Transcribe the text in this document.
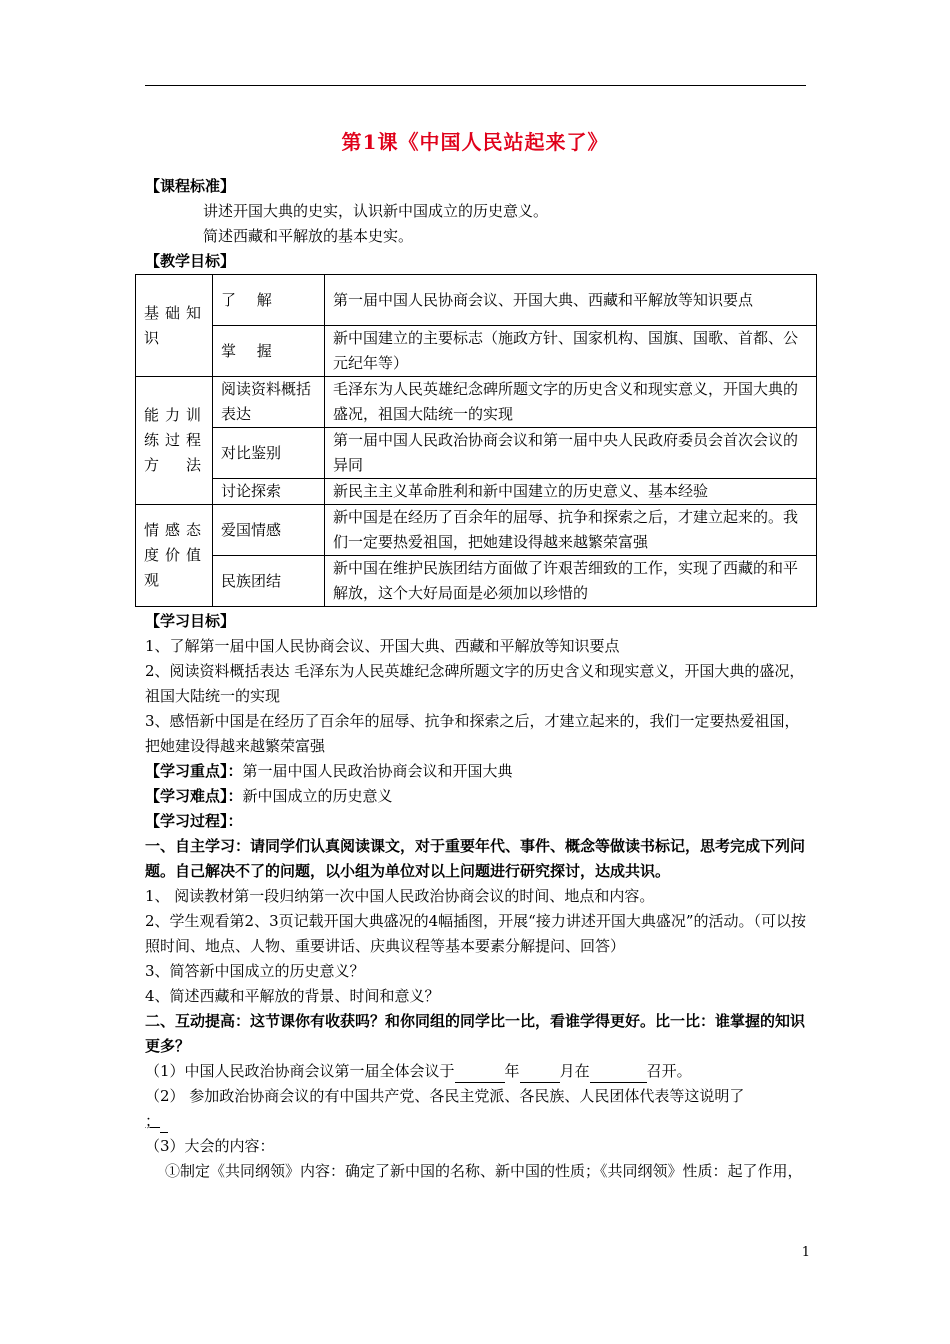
第1课《中国人民站起来了》
【课程标准】
讲述开国大典的史实，认识新中国成立的历史意义。
简述西藏和平解放的基本史实。
【教学目标】
基础知识	了 解	第一届中国人民协商会议、开国大典、西藏和平解放等知识要点
	掌 握	新中国建立的主要标志（施政方针、国家机构、国旗、国歌、首都、公元纪年等）
能力训练过程方法	阅读资料概括表达	毛泽东为人民英雄纪念碑所题文字的历史含义和现实意义，开国大典的盛况，祖国大陆统一的实现
	对比鉴别	第一届中国人民政治协商会议和第一届中央人民政府委员会首次会议的异同
	讨论探索	新民主主义革命胜利和新中国建立的历史意义、基本经验
情感态度价值观	爱国情感	新中国是在经历了百余年的屈辱、抗争和探索之后，才建立起来的。我们一定要热爱祖国，把她建设得越来越繁荣富强
	民族团结	新中国在维护民族团结方面做了许艰苦细致的工作，实现了西藏的和平解放，这个大好局面是必须加以珍惜的
【学习目标】
1、了解第一届中国人民协商会议、开国大典、西藏和平解放等知识要点
2、阅读资料概括表达 毛泽东为人民英雄纪念碑所题文字的历史含义和现实意义，开国大典的盛况，祖国大陆统一的实现
3、感悟新中国是在经历了百余年的屈辱、抗争和探索之后，才建立起来的，我们一定要热爱祖国，把她建设得越来越繁荣富强
【学习重点】：第一届中国人民政治协商会议和开国大典
【学习难点】：新中国成立的历史意义
【学习过程】：
一、自主学习：请同学们认真阅读课文，对于重要年代、事件、概念等做读书标记，思考完成下列问题。自己解决不了的问题，以小组为单位对以上问题进行研究探讨，达成共识。
1、 阅读教材第一段归纳第一次中国人民政治协商会议的时间、地点和内容。
2、学生观看第2、3页记载开国大典盛况的4幅插图，开展“接力讲述开国大典盛况”的活动。（可以按照时间、地点、人物、重要讲话、庆典议程等基本要素分解提问、回答）
3、简答新中国成立的历史意义？
4、简述西藏和平解放的背景、时间和意义？
二、互动提高：这节课你有收获吗？和你同组的同学比一比，看谁学得更好。比一比：谁掌握的知识更多？
（1）中国人民政治协商会议第一届全体会议于	年	月在	召开。
（2） 参加政治协商会议的有中国共产党、各民主党派、各民族、人民团体代表等这说明了
；
（3）大会的内容：
①制定《共同纲领》内容：确定了新中国的名称、新中国的性质；《共同纲领》性质：起了作用，
1
